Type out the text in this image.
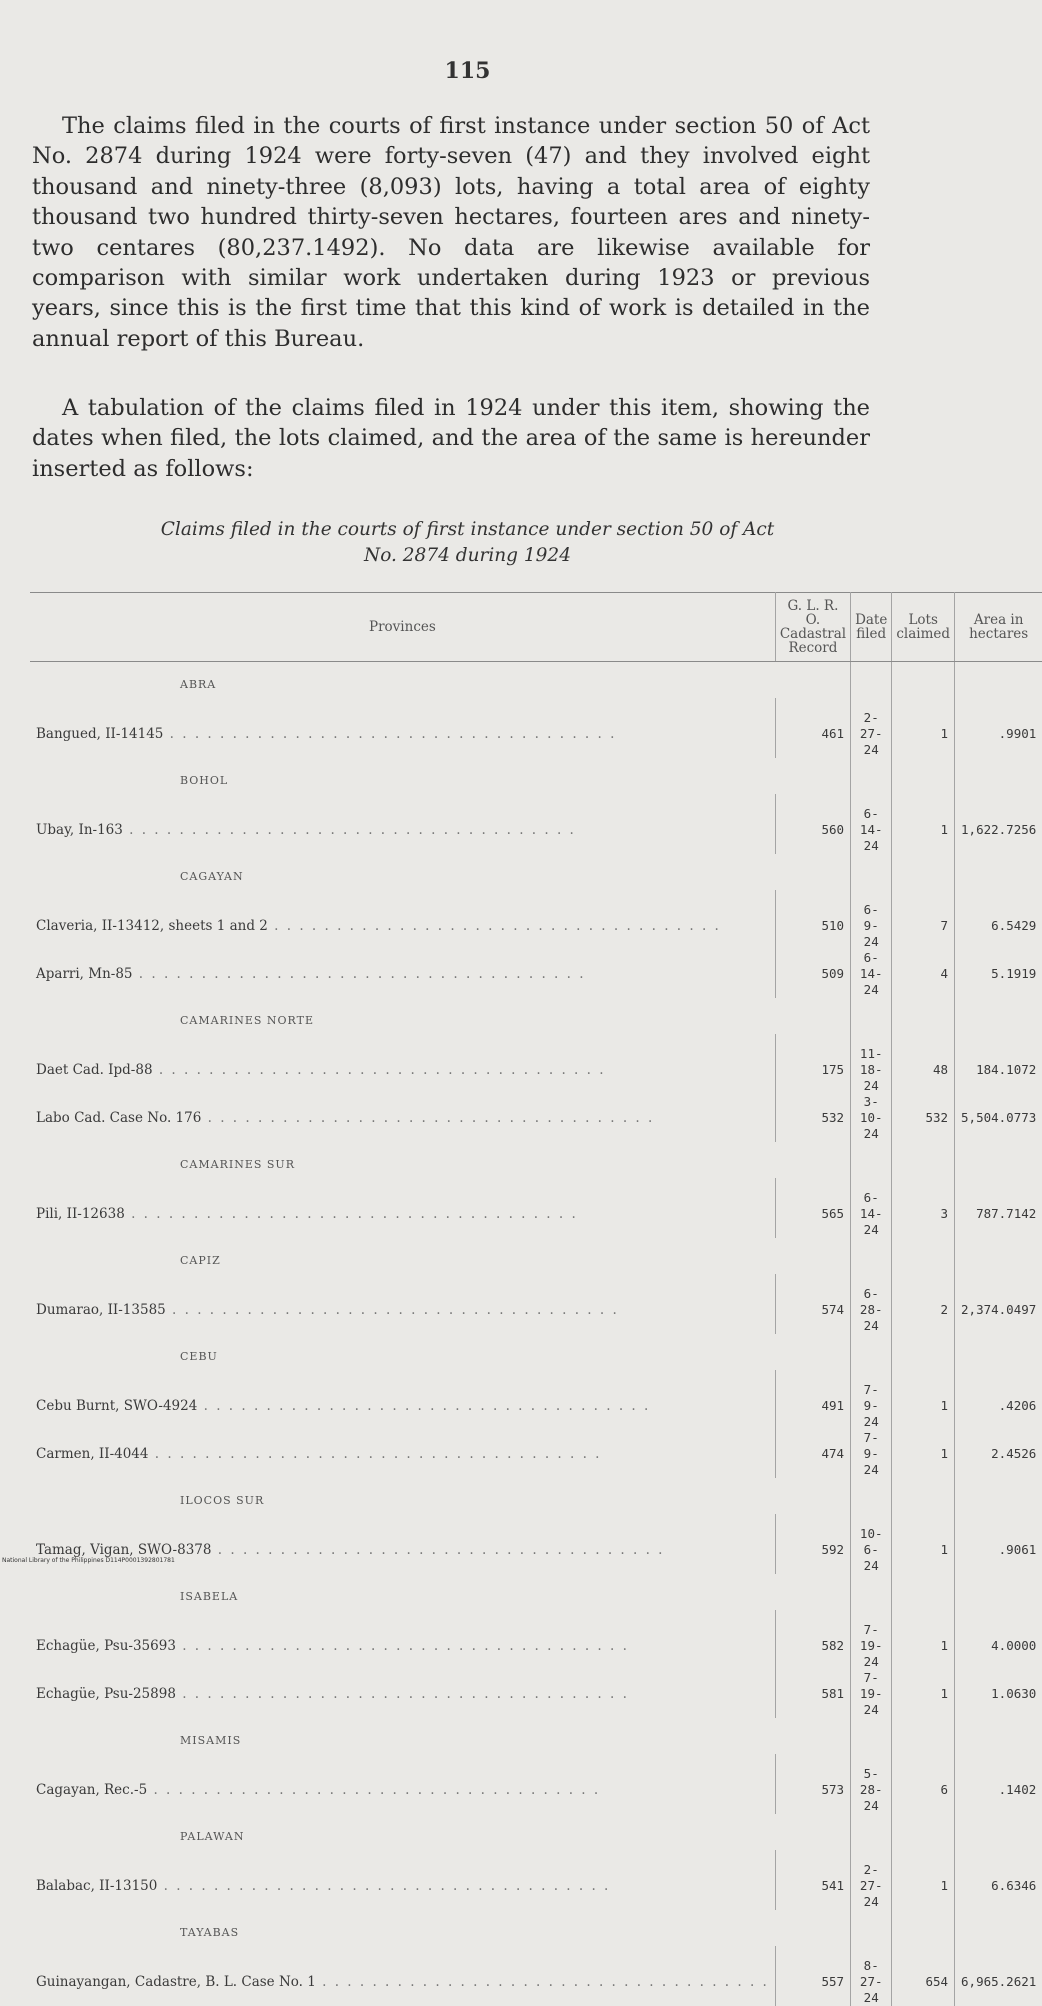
115

The claims filed in the courts of first instance under section 50 of Act No. 2874 during 1924 were forty-seven (47) and they involved eight thousand and ninety-three (8,093) lots, having a total area of eighty thousand two hundred thirty-seven hectares, fourteen ares and ninety-two centares (80,237.1492). No data are likewise available for comparison with similar work undertaken during 1923 or previous years, since this is the first time that this kind of work is detailed in the annual report of this Bureau.

A tabulation of the claims filed in 1924 under this item, showing the dates when filed, the lots claimed, and the area of the same is hereunder inserted as follows:

Claims filed in the courts of first instance under section 50 of Act
No. 2874 during 1924
Provinces	G. L. R. O. Cadastral Record	Date filed	Lots claimed	Area in hectares
ABRA				
Bangued, II-14145 . . . . . . . . . . . . . . . . . . . . . . . . . . . . . . . . . . . .	461	2-27-24	1	.9901
BOHOL				
Ubay, In-163 . . . . . . . . . . . . . . . . . . . . . . . . . . . . . . . . . . . .	560	6-14-24	1	1,622.7256
CAGAYAN				
Claveria, II-13412, sheets 1 and 2 . . . . . . . . . . . . . . . . . . . . . . . . . . . . . . . . . . . .	510	6- 9-24	7	6.5429
Aparri, Mn-85 . . . . . . . . . . . . . . . . . . . . . . . . . . . . . . . . . . . .	509	6-14-24	4	5.1919
CAMARINES NORTE				
Daet Cad. Ipd-88 . . . . . . . . . . . . . . . . . . . . . . . . . . . . . . . . . . . .	175	11-18-24	48	184.1072
Labo Cad. Case No. 176 . . . . . . . . . . . . . . . . . . . . . . . . . . . . . . . . . . . .	532	3-10-24	532	5,504.0773
CAMARINES SUR				
Pili, II-12638 . . . . . . . . . . . . . . . . . . . . . . . . . . . . . . . . . . . .	565	6-14-24	3	787.7142
CAPIZ				
Dumarao, II-13585 . . . . . . . . . . . . . . . . . . . . . . . . . . . . . . . . . . . .	574	6-28-24	2	2,374.0497
CEBU				
Cebu Burnt, SWO-4924 . . . . . . . . . . . . . . . . . . . . . . . . . . . . . . . . . . . .	491	7- 9-24	1	.4206
Carmen, II-4044 . . . . . . . . . . . . . . . . . . . . . . . . . . . . . . . . . . . .	474	7- 9-24	1	2.4526
ILOCOS SUR				
Tamag, Vigan, SWO-8378 . . . . . . . . . . . . . . . . . . . . . . . . . . . . . . . . . . . .	592	10- 6-24	1	.9061
ISABELA				
Echagüe, Psu-35693 . . . . . . . . . . . . . . . . . . . . . . . . . . . . . . . . . . . .	582	7-19-24	1	4.0000
Echagüe, Psu-25898 . . . . . . . . . . . . . . . . . . . . . . . . . . . . . . . . . . . .	581	7-19-24	1	1.0630
MISAMIS				
Cagayan, Rec.-5 . . . . . . . . . . . . . . . . . . . . . . . . . . . . . . . . . . . .	573	5-28-24	6	.1402
PALAWAN				
Balabac, II-13150 . . . . . . . . . . . . . . . . . . . . . . . . . . . . . . . . . . . .	541	2-27-24	1	6.6346
TAYABAS				
Guinayangan, Cadastre, B. L. Case No. 1 . . . . . . . . . . . . . . . . . . . . . . . . . . . . . . . . . . . .	557	8-27-24	654	6,965.2621
National Library of the Philippines D114P0001392801781
